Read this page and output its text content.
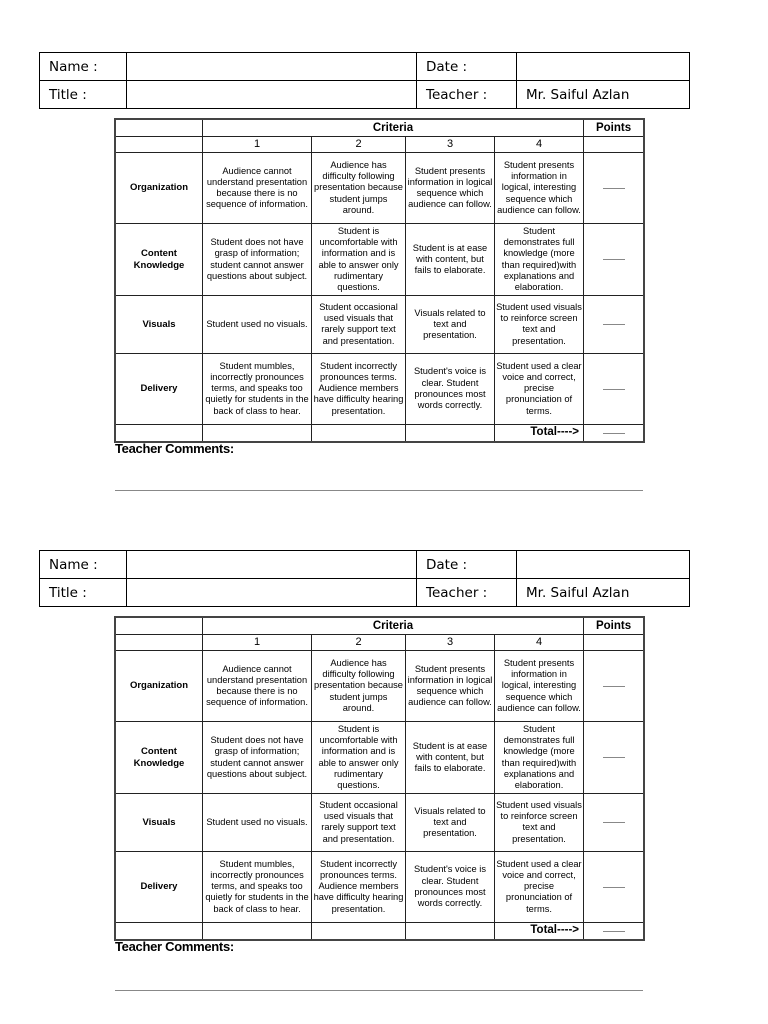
Name :		Date :	
Title :		Teacher :	Mr. Saiful Azlan
	Criteria				Points
	1	2	3	4	
Organization	Audience cannot understand presentation because there is no sequence of information.	Audience has difficulty following presentation because student jumps around.	Student presents information in logical sequence which audience can follow.	Student presents information in logical, interesting sequence which audience can follow.	
Content Knowledge	Student does not have grasp of information; student cannot answer questions about subject.	Student is uncomfortable with information and is able to answer only rudimentary questions.	Student is at ease with content, but fails to elaborate.	Student demonstrates full knowledge (more than required)with explanations and elaboration.	
Visuals	Student used no visuals.	Student occasional used visuals that rarely support text and presentation.	Visuals related to text and presentation.	Student used visuals to reinforce screen text and presentation.	
Delivery	Student mumbles, incorrectly pronounces terms, and speaks too quietly for students in the back of class to hear.	Student incorrectly pronounces terms. Audience members have difficulty hearing presentation.	Student's voice is clear. Student pronounces most words correctly.	Student used a clear voice and correct, precise pronunciation of terms.	
				Total---->	
Teacher Comments:
Name :		Date :	
Title :		Teacher :	Mr. Saiful Azlan
	Criteria				Points
	1	2	3	4	
Organization	Audience cannot understand presentation because there is no sequence of information.	Audience has difficulty following presentation because student jumps around.	Student presents information in logical sequence which audience can follow.	Student presents information in logical, interesting sequence which audience can follow.	
Content Knowledge	Student does not have grasp of information; student cannot answer questions about subject.	Student is uncomfortable with information and is able to answer only rudimentary questions.	Student is at ease with content, but fails to elaborate.	Student demonstrates full knowledge (more than required)with explanations and elaboration.	
Visuals	Student used no visuals.	Student occasional used visuals that rarely support text and presentation.	Visuals related to text and presentation.	Student used visuals to reinforce screen text and presentation.	
Delivery	Student mumbles, incorrectly pronounces terms, and speaks too quietly for students in the back of class to hear.	Student incorrectly pronounces terms. Audience members have difficulty hearing presentation.	Student's voice is clear. Student pronounces most words correctly.	Student used a clear voice and correct, precise pronunciation of terms.	
				Total---->	
Teacher Comments:
